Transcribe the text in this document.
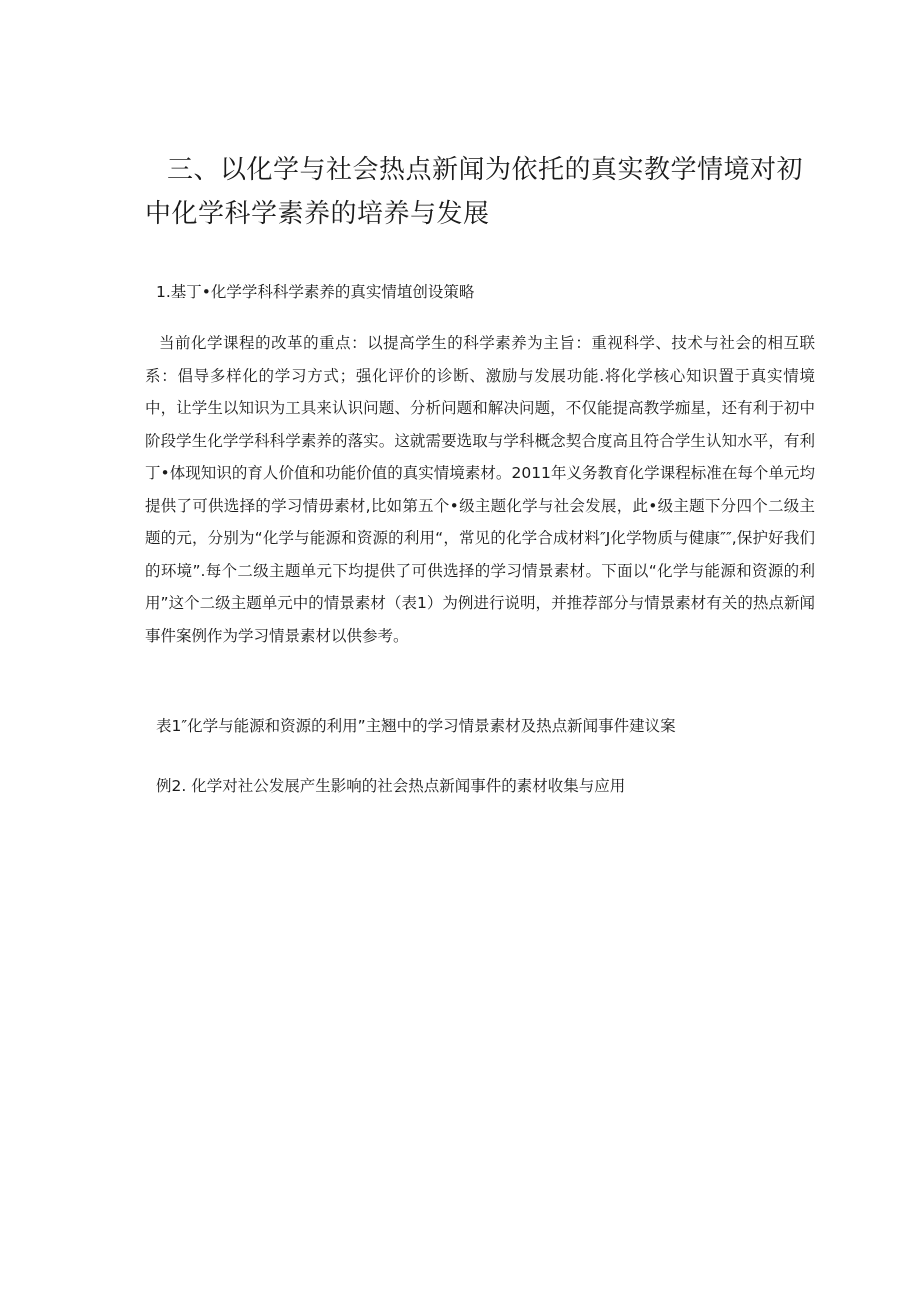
三、以化学与社会热点新闻为依托的真实教学情境对初中化学科学素养的培养与发展

1.基丁•化学学科科学素养的真实情埴创设策略

当前化学课程的改革的重点：以提高学生的科学素养为主旨：重视科学、技术与社会的相互联系：倡导多样化的学习方式；强化评价的诊断、激励与发展功能.将化学核心知识置于真实情境中，让学生以知识为工具来认识问题、分析问题和解决问题，不仅能提高教学痂星，还有利于初中阶段学生化学学科科学素养的落实。这就需要选取与学科概念契合度高且符合学生认知水平，有利丁•体现知识的育人价值和功能价值的真实情境素材。2011年义务教育化学课程标准在每个单元均提供了可供选择的学习情毋素材,比如第五个•级主题化学与社会发展，此•级主题下分四个二级主题的元，分别为“化学与能源和资源的利用“，常见的化学合成材料″J化学物质与健康″″,保护好我们的环境”.每个二级主题单元下均提供了可供选择的学习情景素材。下面以“化学与能源和资源的利用”这个二级主题单元中的情景素材（表1）为例进行说明，并推荐部分与情景素材有关的热点新闻事件案例作为学习情景素材以供参考。

表1″化学与能源和资源的利用”主翘中的学习情景素材及热点新闻事件建议案

例2. 化学对社公发展产生影响的社会热点新闻事件的素材收集与应用
